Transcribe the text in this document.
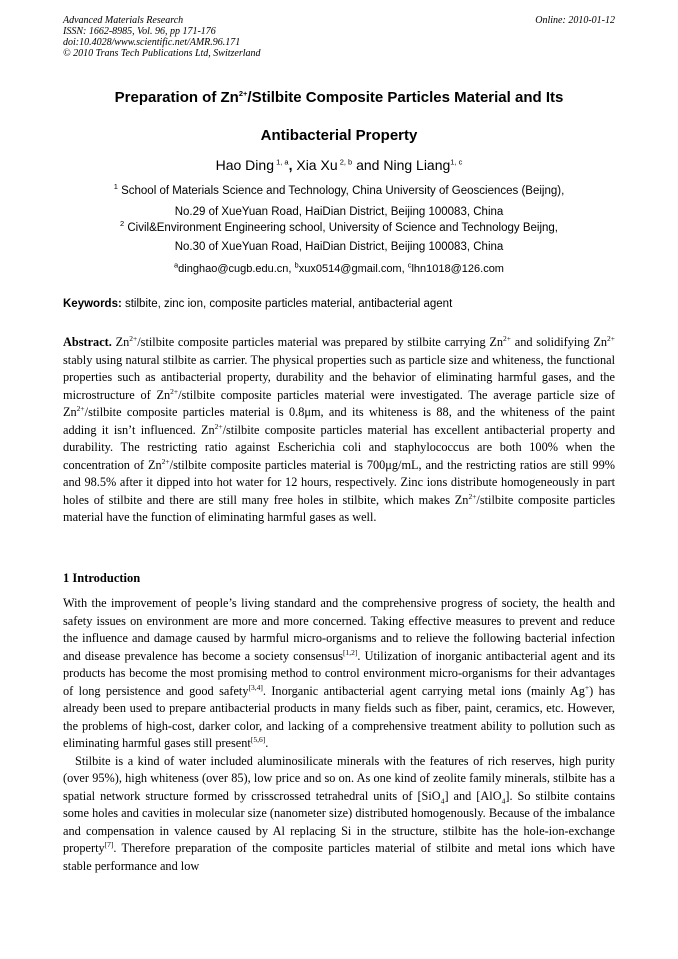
Advanced Materials Research
ISSN: 1662-8985, Vol. 96, pp 171-176
doi:10.4028/www.scientific.net/AMR.96.171
© 2010 Trans Tech Publications Ltd, Switzerland
Online: 2010-01-12
Preparation of $Zn^{2+}$/Stilbite Composite Particles Material and Its
Antibacterial Property
Hao Ding $^{1, a}$, Xia Xu $^{2, b}$ and Ning Liang$^{1, c}$
$^1$ School of Materials Science and Technology, China University of Geosciences (Beijng),
No.29 of XueYuan Road, HaiDian District, Beijing 100083, China
$^2$ Civil&Environment Engineering school, University of Science and Technology Beijng,
No.30 of XueYuan Road, HaiDian District, Beijing 100083, China
$^a$dinghao@cugb.edu.cn, $^b$xux0514@gmail.com, $^c$lhn1018@126.com
Keywords: stilbite, zinc ion, composite particles material, antibacterial agent
Abstract. $Zn^{2+}$/stilbite composite particles material was prepared by stilbite carrying $Zn^{2+}$ and solidifying $Zn^{2+}$ stably using natural stilbite as carrier. The physical properties such as particle size and whiteness, the functional properties such as antibacterial property, durability and the behavior of eliminating harmful gases, and the microstructure of $Zn^{2+}$/stilbite composite particles material were investigated. The average particle size of $Zn^{2+}$/stilbite composite particles material is 0.8μm, and its whiteness is 88, and the whiteness of the paint adding it isn’t influenced. $Zn^{2+}$/stilbite composite particles material has excellent antibacterial property and durability. The restricting ratio against Escherichia coli and staphylococcus are both 100% when the concentration of $Zn^{2+}$/stilbite composite particles material is 700μg/mL, and the restricting ratios are still 99% and 98.5% after it dipped into hot water for 12 hours, respectively. Zinc ions distribute homogeneously in part holes of stilbite and there are still many free holes in stilbite, which makes $Zn^{2+}$/stilbite composite particles material have the function of eliminating harmful gases as well.
1 Introduction

With the improvement of people’s living standard and the comprehensive progress of society, the health and safety issues on environment are more and more concerned. Taking effective measures to prevent and reduce the influence and damage caused by harmful micro-organisms and to relieve the following bacterial infection and disease prevalence has become a society consensus[1,2]. Utilization of inorganic antibacterial agent and its products has become the most promising method to control environment micro-organisms for their advantages of long persistence and good safety[3,4]. Inorganic antibacterial agent carrying metal ions (mainly Ag+) has already been used to prepare antibacterial products in many fields such as fiber, paint, ceramics, etc. However, the problems of high-cost, darker color, and lacking of a comprehensive treatment ability to pollution such as eliminating harmful gases still present[5,6].

Stilbite is a kind of water included aluminosilicate minerals with the features of rich reserves, high purity (over 95%), high whiteness (over 85), low price and so on. As one kind of zeolite family minerals, stilbite has a spatial network structure formed by crisscrossed tetrahedral units of [SiO$_4$] and [AlO$_4$]. So stilbite contains some holes and cavities in molecular size (nanometer size) distributed homogenously. Because of the imbalance and compensation in valence caused by Al replacing Si in the structure, stilbite has the hole-ion-exchange property[7]. Therefore preparation of the composite particles material of stilbite and metal ions which have stable performance and low
